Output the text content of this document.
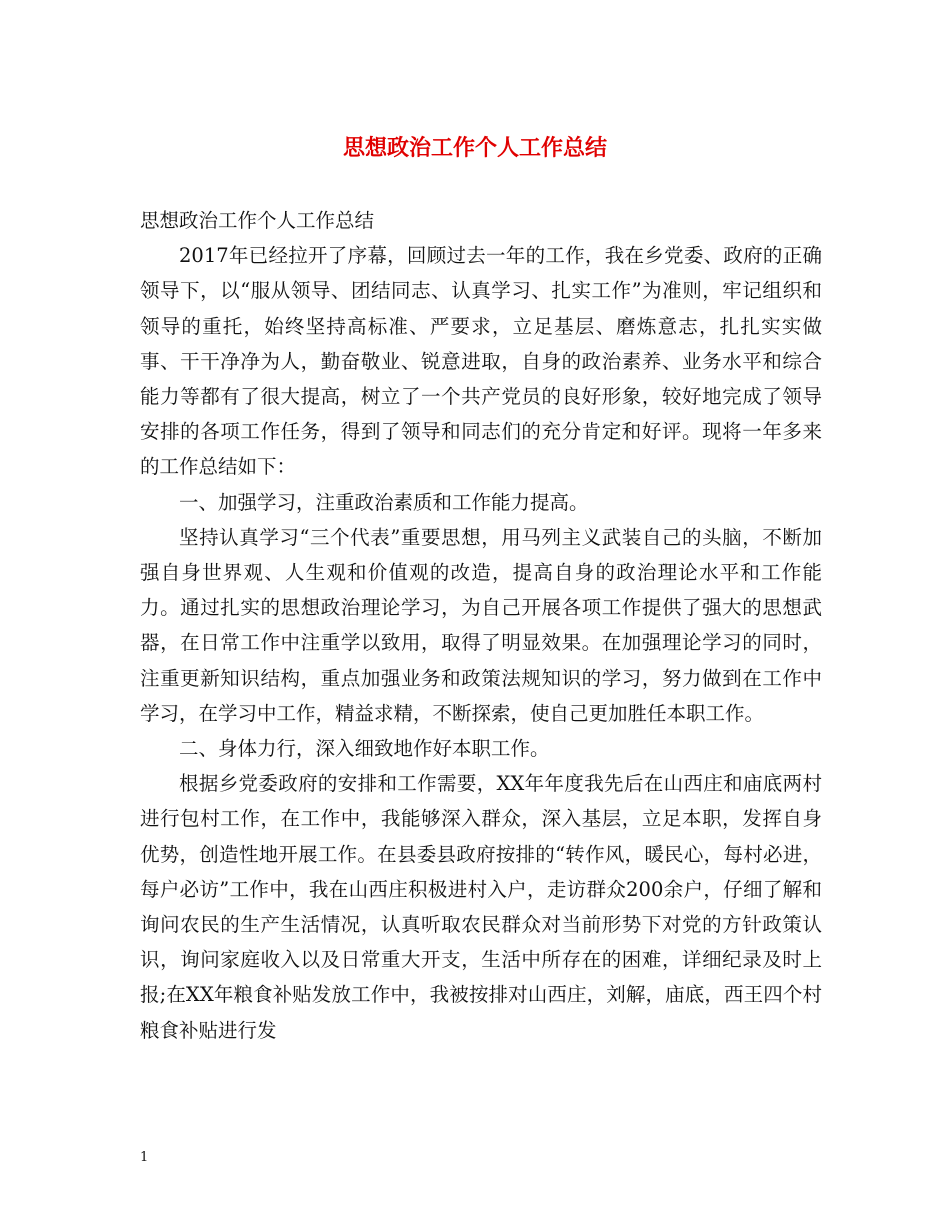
思想政治工作个人工作总结

思想政治工作个人工作总结

2017年已经拉开了序幕，回顾过去一年的工作，我在乡党委、政府的正确领导下，以“服从领导、团结同志、认真学习、扎实工作”为准则，牢记组织和领导的重托，始终坚持高标准、严要求，立足基层、磨炼意志，扎扎实实做事、干干净净为人，勤奋敬业、锐意进取，自身的政治素养、业务水平和综合能力等都有了很大提高，树立了一个共产党员的良好形象，较好地完成了领导安排的各项工作任务，得到了领导和同志们的充分肯定和好评。现将一年多来的工作总结如下：

一、加强学习，注重政治素质和工作能力提高。

坚持认真学习“三个代表”重要思想，用马列主义武装自己的头脑，不断加强自身世界观、人生观和价值观的改造，提高自身的政治理论水平和工作能力。通过扎实的思想政治理论学习，为自己开展各项工作提供了强大的思想武器，在日常工作中注重学以致用，取得了明显效果。在加强理论学习的同时，注重更新知识结构，重点加强业务和政策法规知识的学习，努力做到在工作中学习，在学习中工作，精益求精，不断探索，使自己更加胜任本职工作。

二、身体力行，深入细致地作好本职工作。

根据乡党委政府的安排和工作需要，XX年年度我先后在山西庄和庙底两村进行包村工作，在工作中，我能够深入群众，深入基层，立足本职，发挥自身优势，创造性地开展工作。在县委县政府按排的“转作风，暖民心，每村必进，每户必访”工作中，我在山西庄积极进村入户，走访群众200余户，仔细了解和询问农民的生产生活情况，认真听取农民群众对当前形势下对党的方针政策认识，询问家庭收入以及日常重大开支，生活中所存在的困难，详细纪录及时上报;在XX年粮食补贴发放工作中，我被按排对山西庄，刘解，庙底，西王四个村粮食补贴进行发

1
